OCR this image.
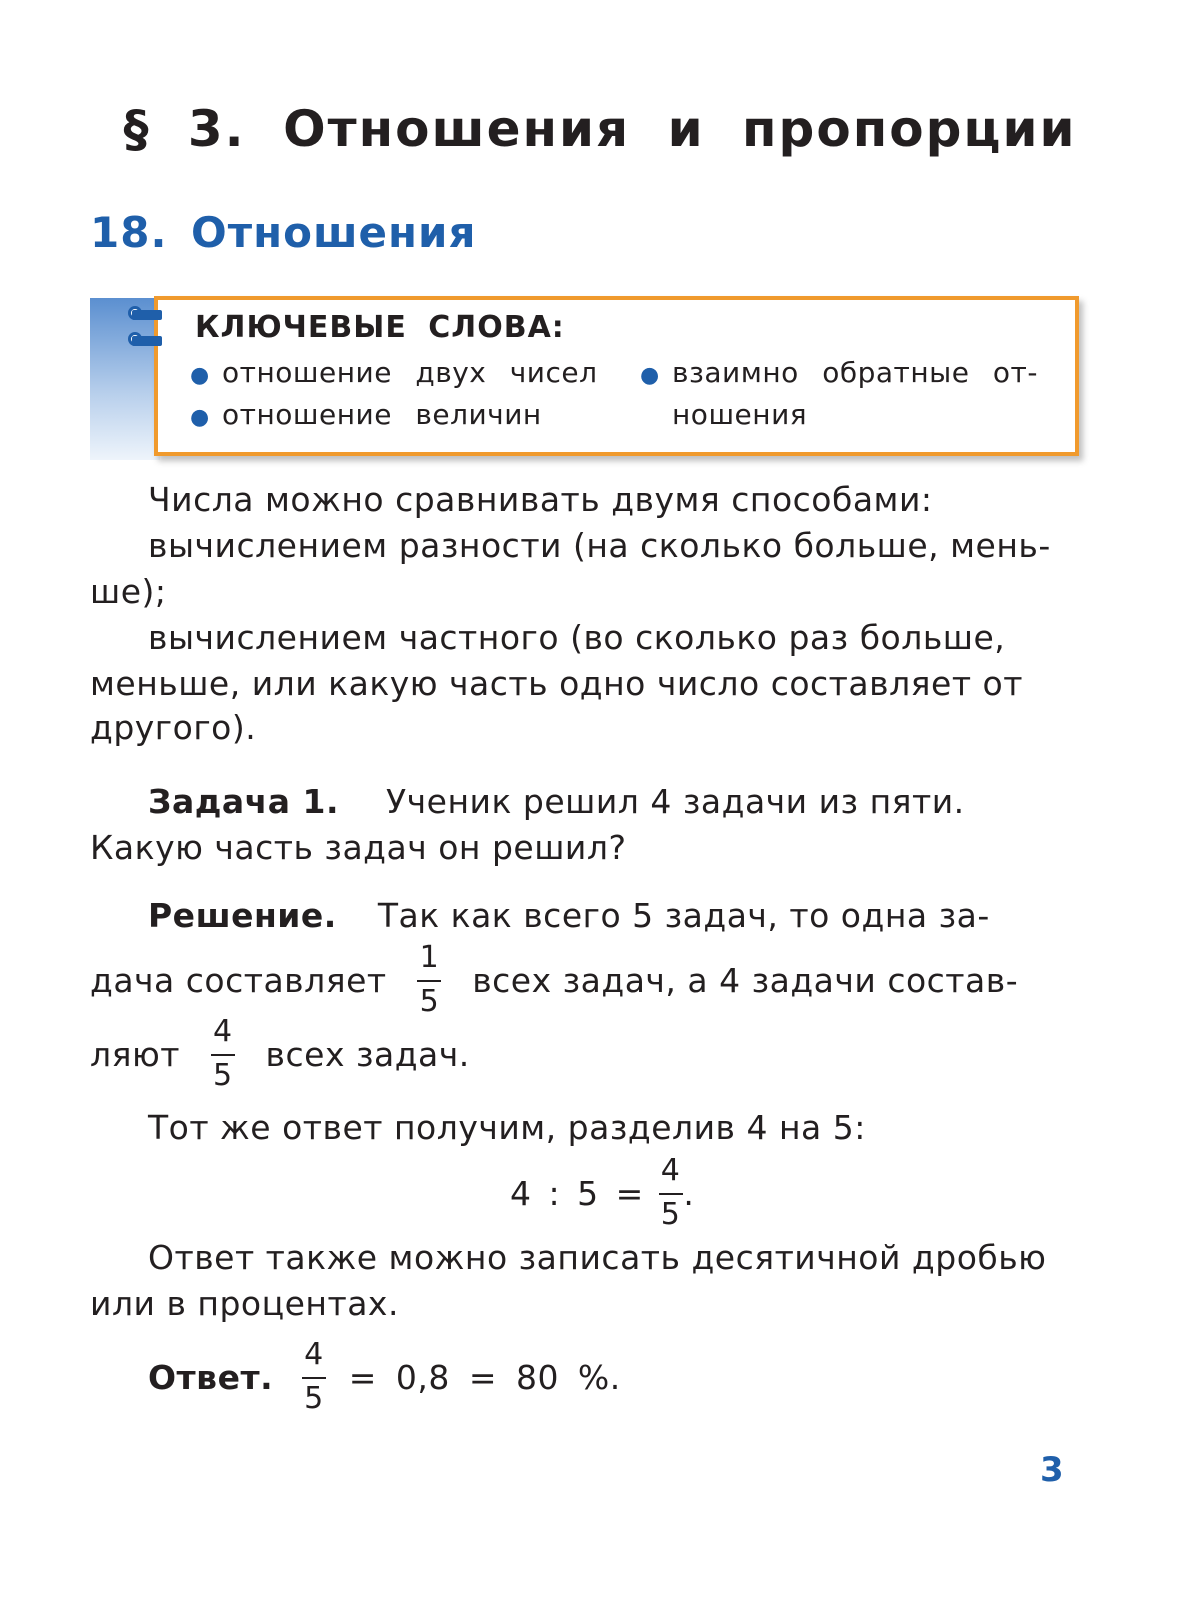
§ 3. Отношения и пропорции
18. Отношения
КЛЮЧЕВЫЕ СЛОВА:
● отношение двух чисел
● отношение величин
● взаимно обратные от-
ношения
Числа можно сравнивать двумя способами:
вычислением разности (на сколько больше, мень-
ше);
вычислением частного (во сколько раз больше,
меньше, или какую часть одно число составляет от
другого).
Задача 1. Ученик решил 4 задачи из пяти.
Какую часть задач он решил?
Решение. Так как всего 5 задач, то одна за-
дача составляет $\frac{1}{5}$ всех задач, а 4 задачи состав-
ляют $\frac{4}{5}$ всех задач.
Тот же ответ получим, разделив 4 на 5:
4 : $5 = \frac{4}{5}$ .
Ответ также можно записать десятичной дробью
или в процентах.
Ответ. $\frac{4}{5} = 0,8 = 80$ %.
3
